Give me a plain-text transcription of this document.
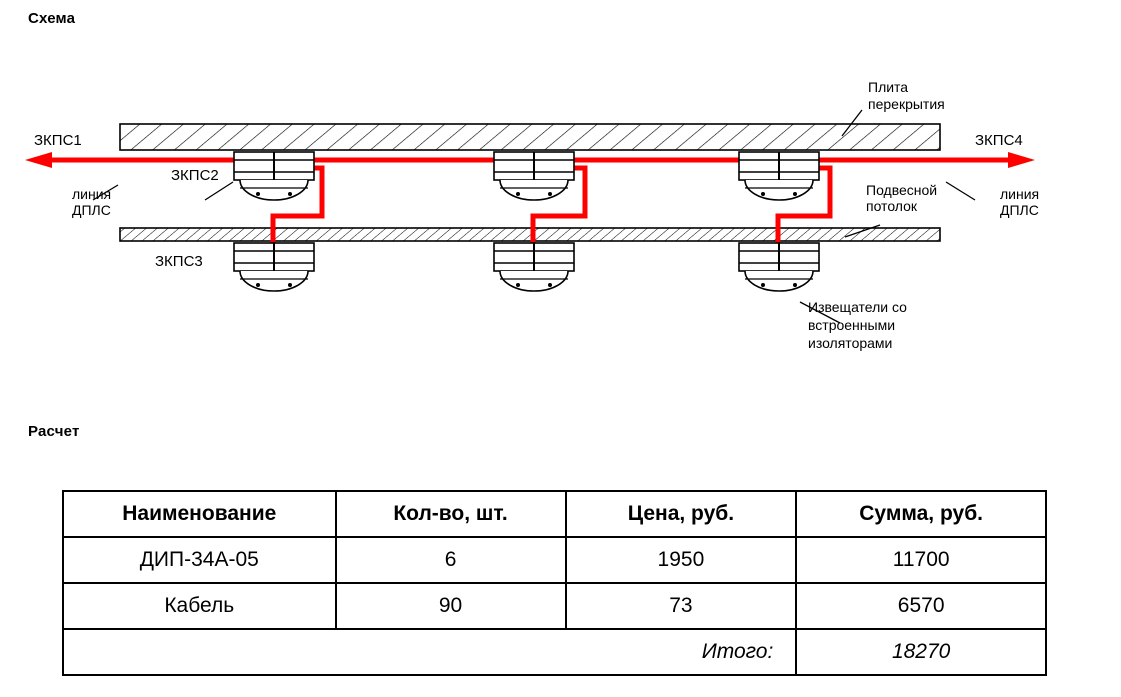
Схема
Расчет
ЗКПС1
ЗКПС2
ЗКПС3
ЗКПС4
Плита
перекрытия
линия
ДПЛС
линия
ДПЛС
Подвесной
потолок
Извещатели со
встроенными
изоляторами
Наименование	Кол-во, шт.	Цена, руб.	Сумма, руб.
ДИП-34А-05	6	1950	11700
Кабель	90	73	6570
Итого:			18270
